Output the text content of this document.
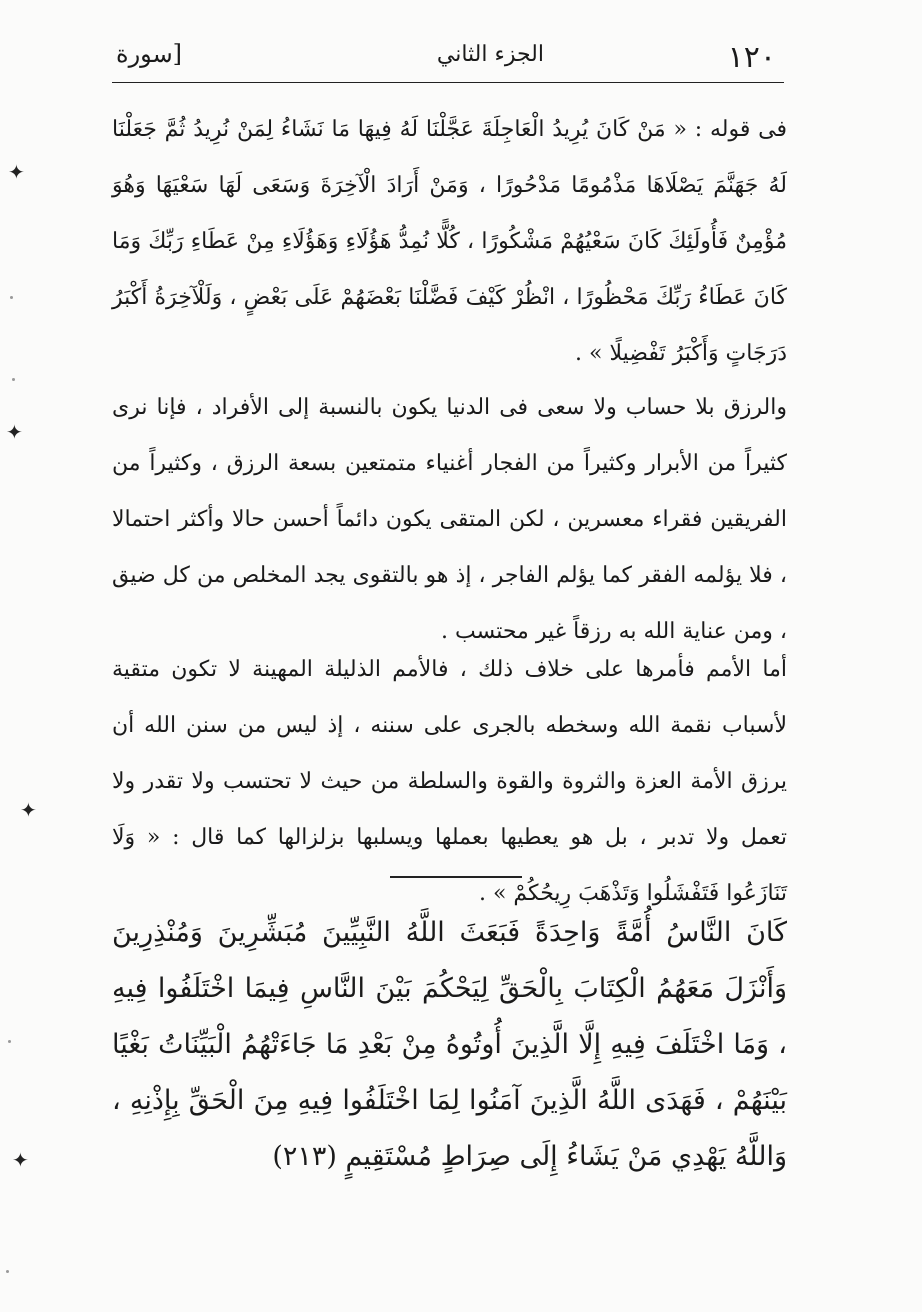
١٢٠
الجزء الثاني
[سورة

فى قوله : « مَنْ كَانَ يُرِيدُ الْعَاجِلَةَ عَجَّلْنَا لَهُ فِيهَا مَا نَشَاءُ لِمَنْ نُرِيدُ ثُمَّ جَعَلْنَا لَهُ جَهَنَّمَ يَصْلَاهَا مَذْمُومًا مَدْحُورًا ، وَمَنْ أَرَادَ الْآخِرَةَ وَسَعَى لَهَا سَعْيَهَا وَهُوَ مُؤْمِنٌ فَأُولَئِكَ كَانَ سَعْيُهُمْ مَشْكُورًا ، كُلًّا نُمِدُّ هَؤُلَاءِ وَهَؤُلَاءِ مِنْ عَطَاءِ رَبِّكَ وَمَا كَانَ عَطَاءُ رَبِّكَ مَحْظُورًا ، انْظُرْ كَيْفَ فَضَّلْنَا بَعْضَهُمْ عَلَى بَعْضٍ ، وَلَلْآخِرَةُ أَكْبَرُ دَرَجَاتٍ وَأَكْبَرُ تَفْضِيلًا » .

والرزق بلا حساب ولا سعى فى الدنيا يكون بالنسبة إلى الأفراد ، فإنا نرى كثيراً من الأبرار وكثيراً من الفجار أغنياء متمتعين بسعة الرزق ، وكثيراً من الفريقين فقراء معسرين ، لكن المتقى يكون دائماً أحسن حالا وأكثر احتمالا ، فلا يؤلمه الفقر كما يؤلم الفاجر ، إذ هو بالتقوى يجد المخلص من كل ضيق ، ومن عناية الله به رزقاً غير محتسب .

أما الأمم فأمرها على خلاف ذلك ، فالأمم الذليلة المهينة لا تكون متقية لأسباب نقمة الله وسخطه بالجرى على سننه ، إذ ليس من سنن الله أن يرزق الأمة العزة والثروة والقوة والسلطة من حيث لا تحتسب ولا تقدر ولا تعمل ولا تدبر ، بل هو يعطيها بعملها ويسلبها بزلزالها كما قال : « وَلَا تَنَازَعُوا فَتَفْشَلُوا وَتَذْهَبَ رِيحُكُمْ » .

كَانَ النَّاسُ أُمَّةً وَاحِدَةً فَبَعَثَ اللَّهُ النَّبِيِّينَ مُبَشِّرِينَ وَمُنْذِرِينَ وَأَنْزَلَ مَعَهُمُ الْكِتَابَ بِالْحَقِّ لِيَحْكُمَ بَيْنَ النَّاسِ فِيمَا اخْتَلَفُوا فِيهِ ، وَمَا اخْتَلَفَ فِيهِ إِلَّا الَّذِينَ أُوتُوهُ مِنْ بَعْدِ مَا جَاءَتْهُمُ الْبَيِّنَاتُ بَغْيًا بَيْنَهُمْ ، فَهَدَى اللَّهُ الَّذِينَ آمَنُوا لِمَا اخْتَلَفُوا فِيهِ مِنَ الْحَقِّ بِإِذْنِهِ ، وَاللَّهُ يَهْدِي مَنْ يَشَاءُ إِلَى صِرَاطٍ مُسْتَقِيمٍ (٢١٣)
✦
✦
✦
✦
